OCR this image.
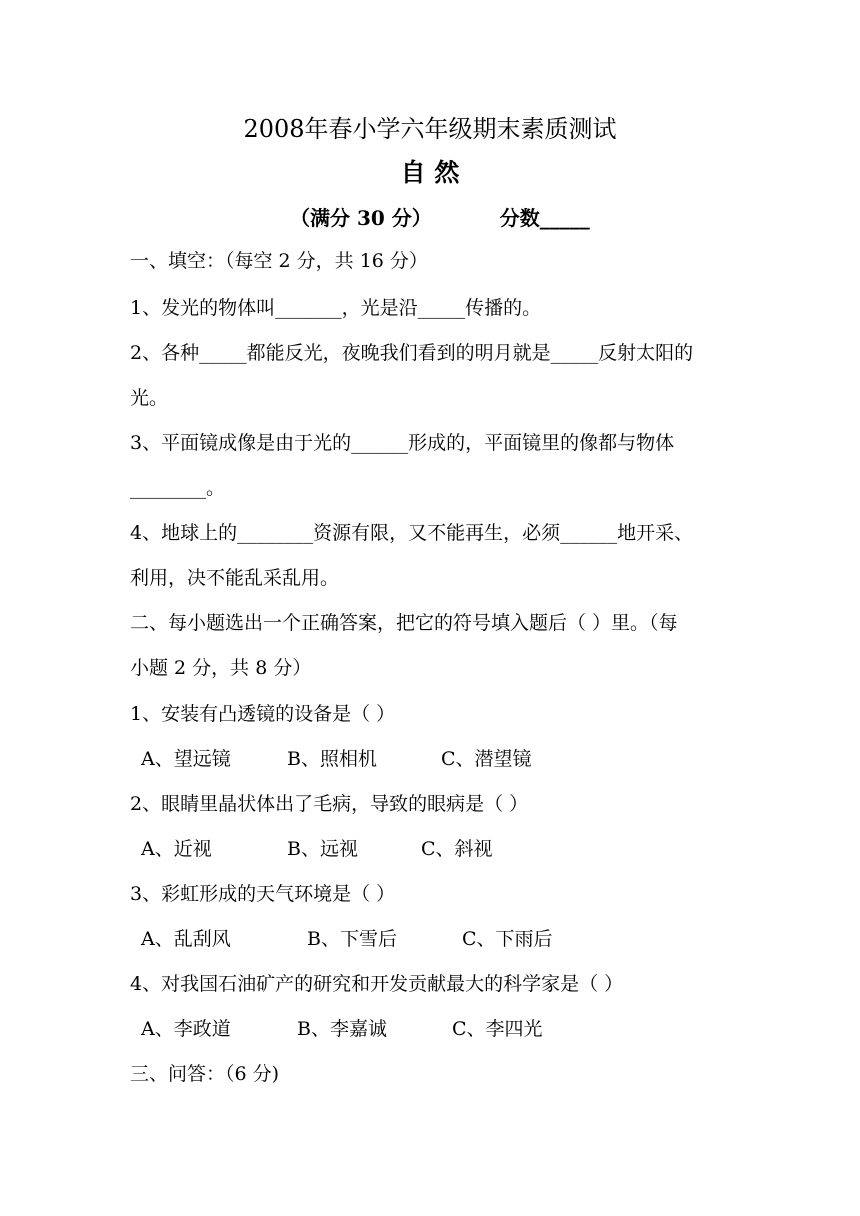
2008年春小学六年级期末素质测试
自 然
（满分 30 分）	分数_____
一、填空：（每空 2 分，共 16 分）
1、发光的物体叫_______，光是沿_____传播的。
2、各种_____都能反光，夜晚我们看到的明月就是_____反射太阳的
光。
3、平面镜成像是由于光的______形成的，平面镜里的像都与物体
________。
4、地球上的________资源有限，又不能再生，必须______地开采、
利用，决不能乱采乱用。
二、每小题选出一个正确答案，把它的符号填入题后（ ）里。（每
小题 2 分，共 8 分）
1、安装有凸透镜的设备是（ ）
A、望远镜	B、照相机	C、潜望镜
2、眼睛里晶状体出了毛病，导致的眼病是（ ）
A、近视	B、远视	C、斜视
3、彩虹形成的天气环境是（ ）
A、乱刮风	B、下雪后	C、下雨后
4、对我国石油矿产的研究和开发贡献最大的科学家是（ ）
A、李政道	B、李嘉诚	C、李四光
三、问答：（6 分)
